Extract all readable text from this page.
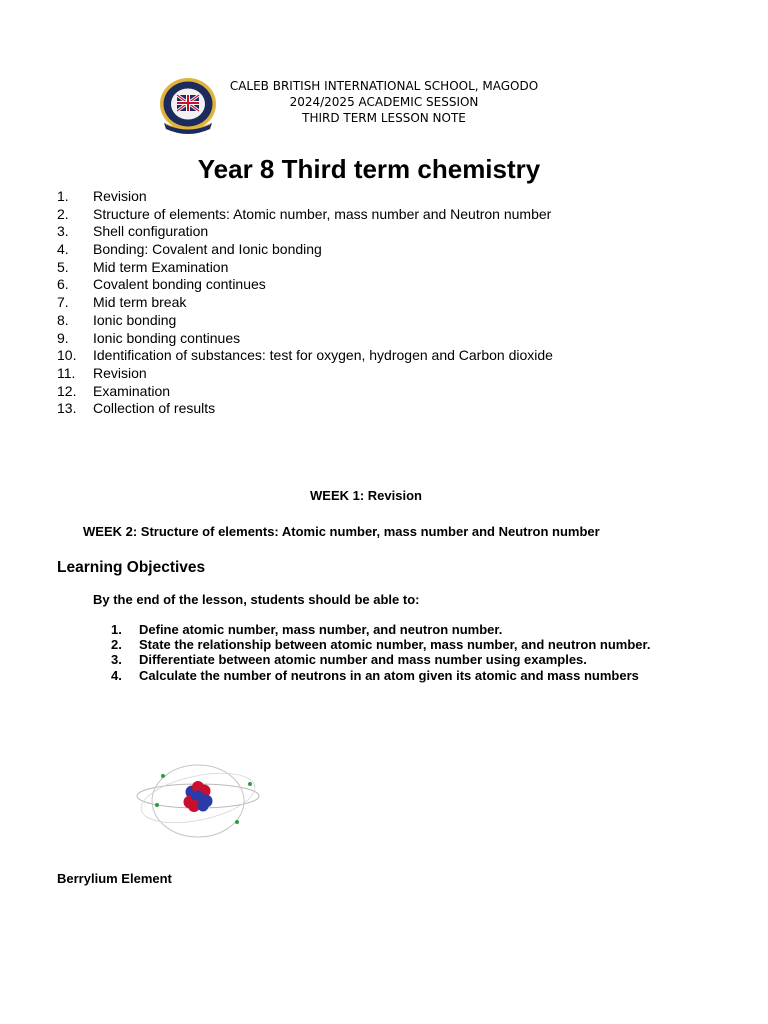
CALEB BRITISH INTERNATIONAL SCHOOL, MAGODO
2024/2025 ACADEMIC SESSION
THIRD TERM LESSON NOTE
Year 8 Third term chemistry
1. Revision
2. Structure of elements: Atomic number, mass number and Neutron number
3. Shell configuration
4. Bonding: Covalent and Ionic bonding
5. Mid term Examination
6. Covalent bonding continues
7. Mid term break
8. Ionic bonding
9. Ionic bonding continues
10. Identification of substances: test for oxygen, hydrogen and Carbon dioxide
11. Revision
12. Examination
13. Collection of results
WEEK 1: Revision
WEEK 2: Structure of elements: Atomic number, mass number and Neutron number
Learning Objectives
By the end of the lesson, students should be able to:
1.	Define atomic number, mass number, and neutron number.
2.	State the relationship between atomic number, mass number, and neutron number.
3.	Differentiate between atomic number and mass number using examples.
4.	Calculate the number of neutrons in an atom given its atomic and mass numbers
Berrylium Element
